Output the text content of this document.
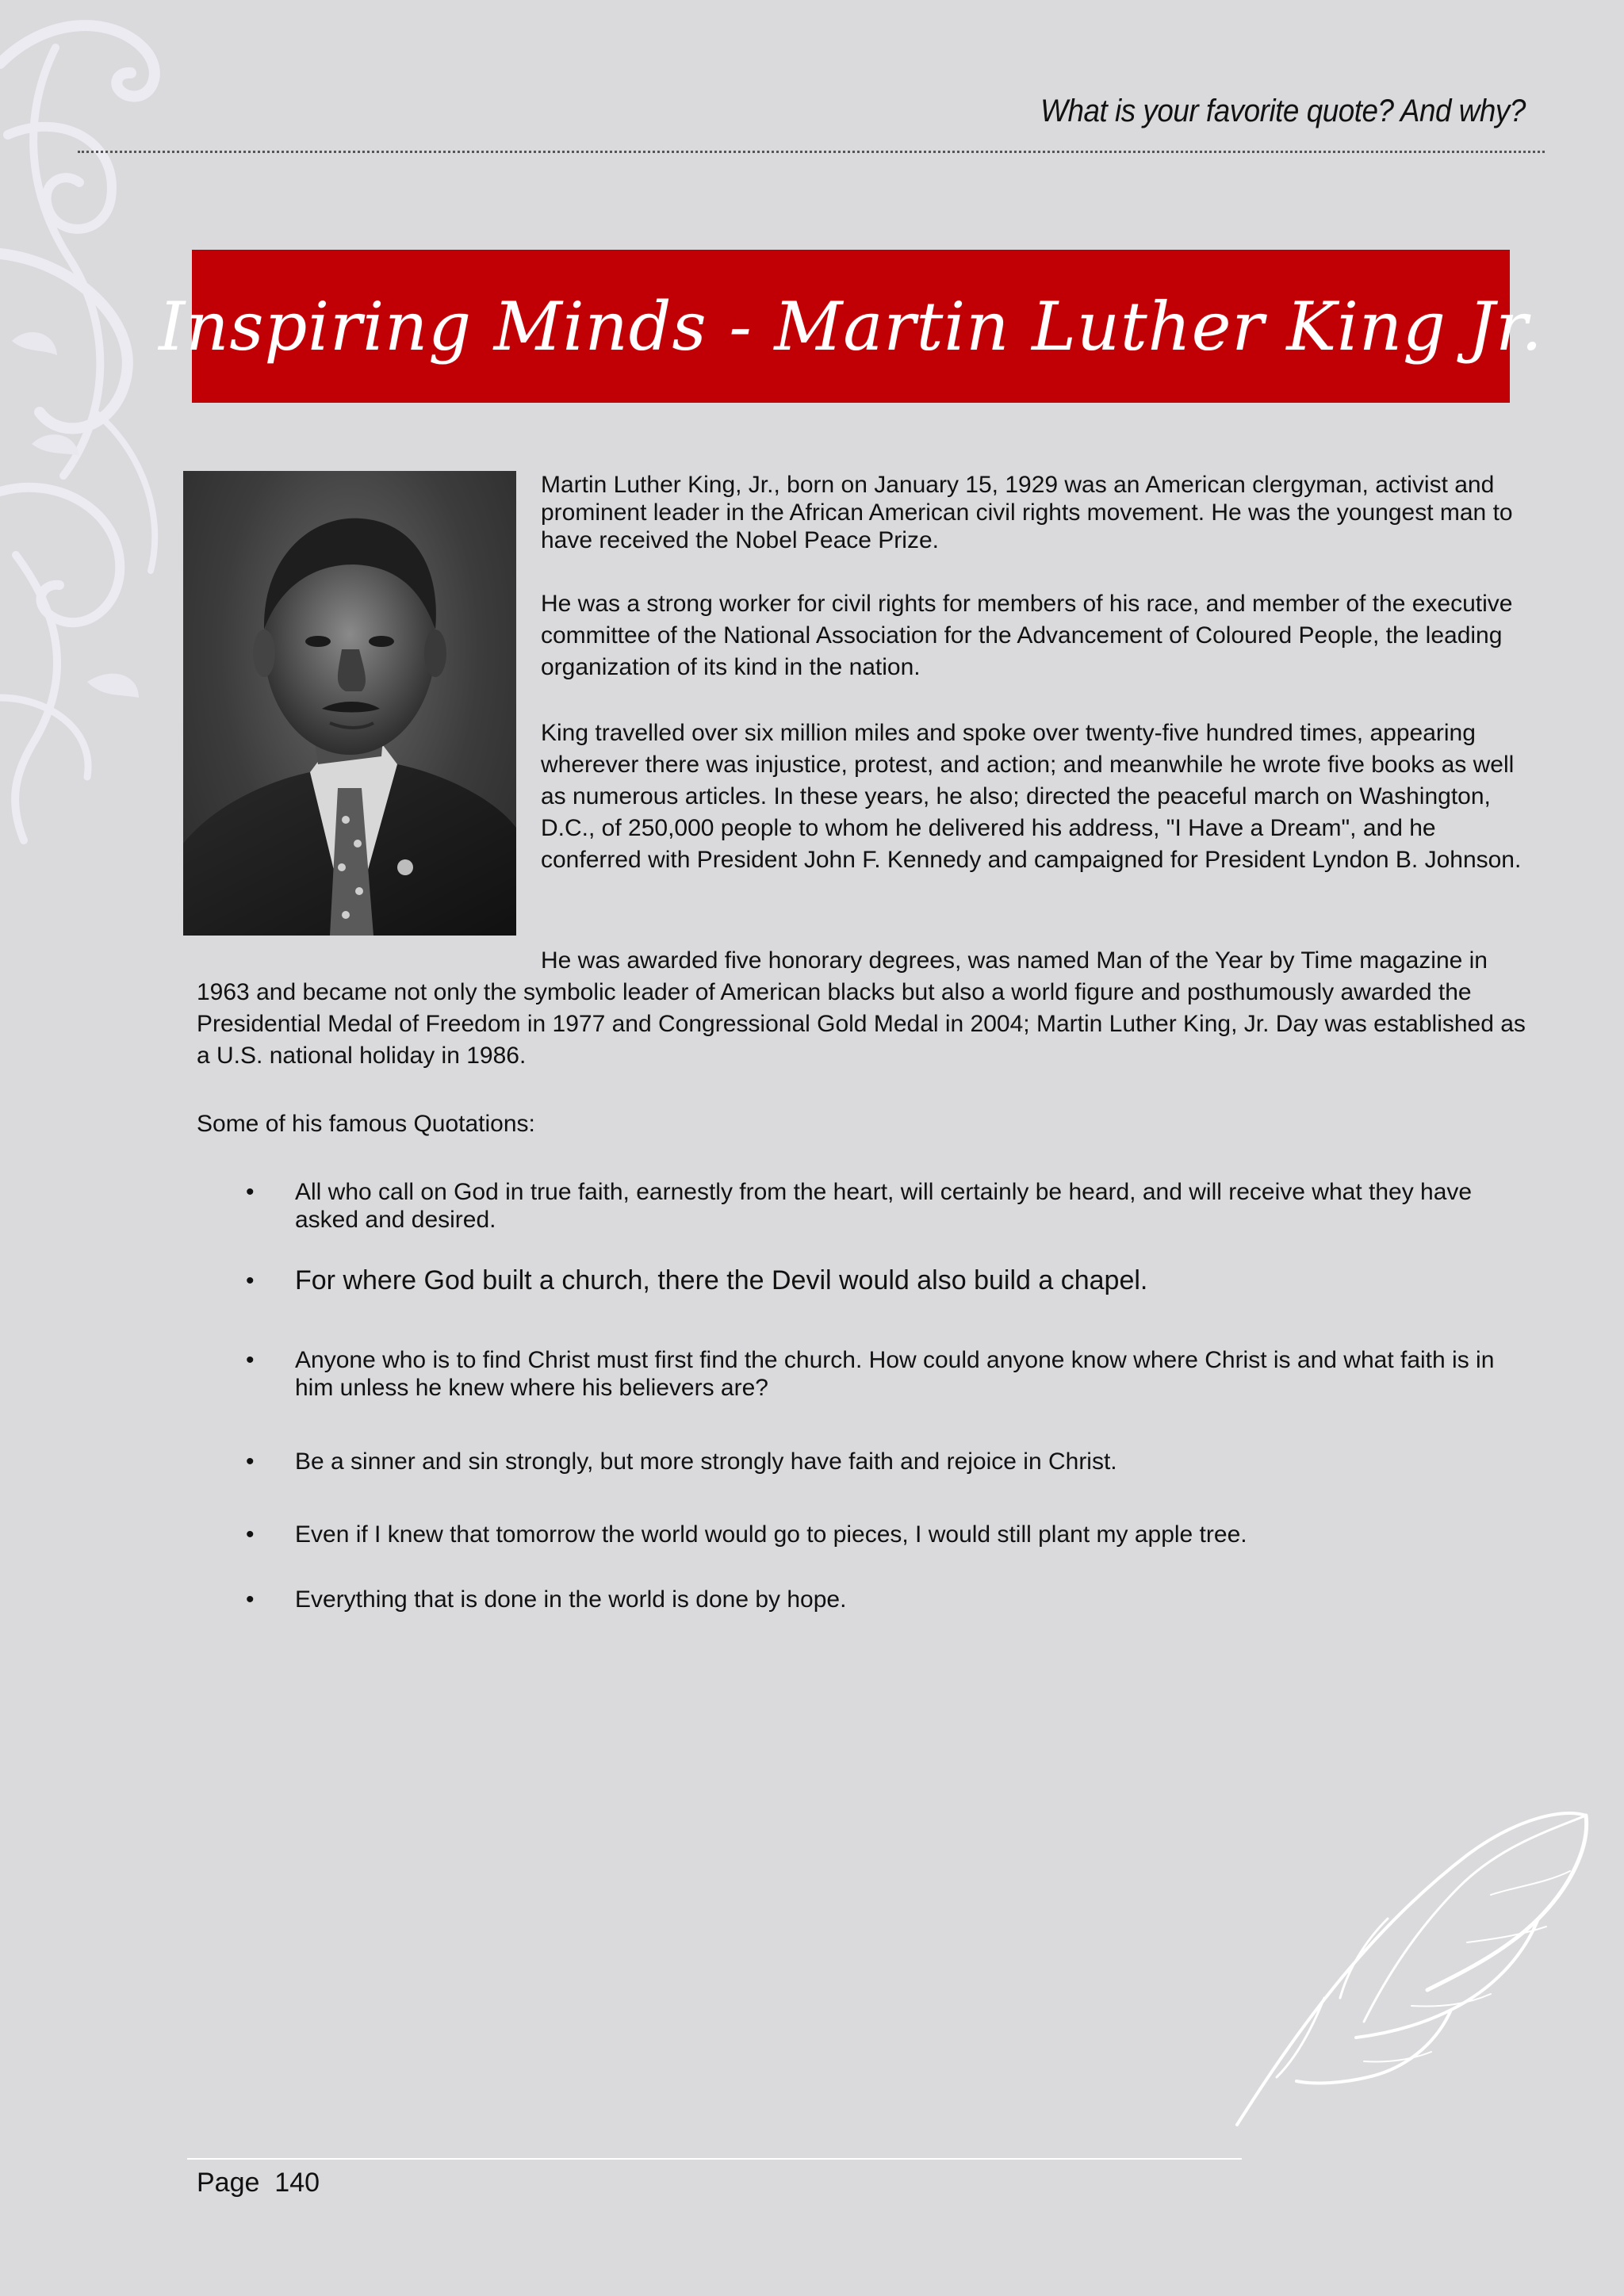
What is your favorite quote? And why?
Inspiring Minds - Martin Luther King Jr.
Martin Luther King, Jr., born on January 15, 1929 was an American clergyman, activist and prominent leader in the African American civil rights movement. He was the youngest man to have received the Nobel Peace Prize.
He was a strong worker for civil rights for members of his race, and member of the executive committee of the National Association for the Advancement of Coloured People, the leading organization of its kind in the nation.
King travelled over six million miles and spoke over twenty-five hundred times, appearing wherever there was injustice, protest, and action; and meanwhile he wrote five books as well as numerous articles. In these years, he also; directed the peaceful march on Washington, D.C., of 250,000 people to whom he delivered his address, "I Have a Dream", and he conferred with President John F. Kennedy and campaigned for President Lyndon B. Johnson.
He was awarded five honorary degrees, was named Man of the Year by Time magazine in 1963 and became not only the symbolic leader of American blacks but also a world figure and posthumously awarded the Presidential Medal of Freedom in 1977 and Congressional Gold Medal in 2004; Martin Luther King, Jr. Day was established as a U.S. national holiday in 1986.
Some of his famous Quotations:
• All who call on God in true faith, earnestly from the heart, will certainly be heard, and will receive what they have asked and desired.
• For where God built a church, there the Devil would also build a chapel.
• Anyone who is to find Christ must first find the church. How could anyone know where Christ is and what faith is in him unless he knew where his believers are?
• Be a sinner and sin strongly, but more strongly have faith and rejoice in Christ.
• Even if I knew that tomorrow the world would go to pieces, I would still plant my apple tree.
• Everything that is done in the world is done by hope.
Page  140
